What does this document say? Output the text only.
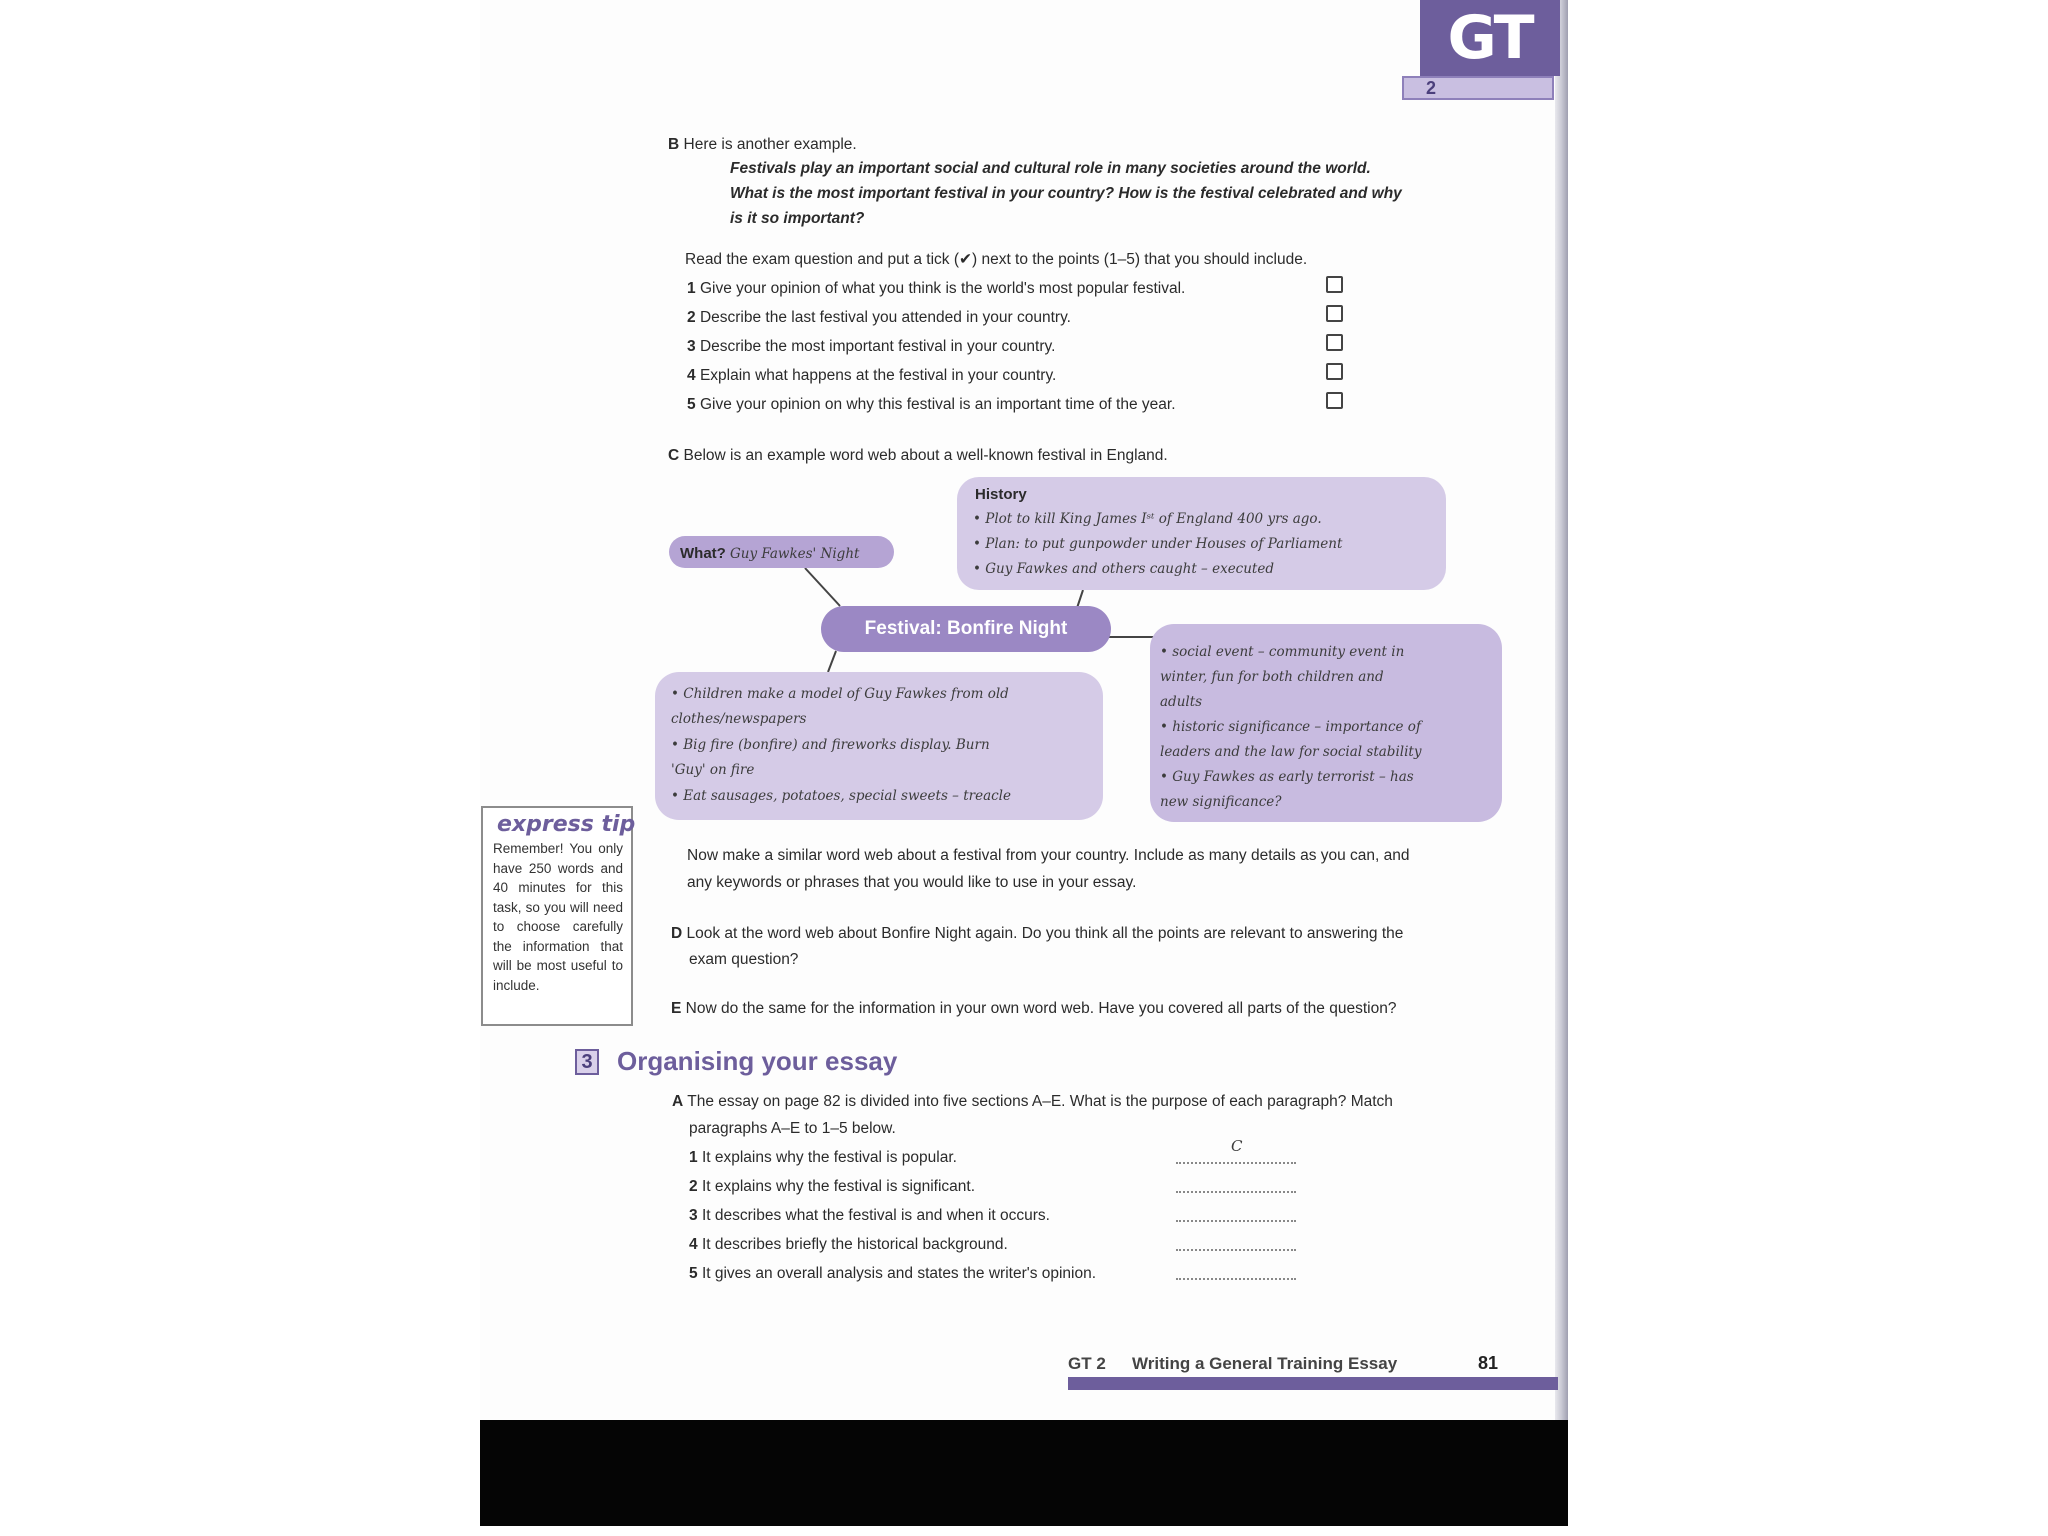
GT
2
B Here is another example.
Festivals play an important social and cultural role in many societies around the world.
What is the most important festival in your country? How is the festival celebrated and why
is it so important?
Read the exam question and put a tick (✔) next to the points (1–5) that you should include.
1 Give your opinion of what you think is the world's most popular festival.
2 Describe the last festival you attended in your country.
3 Describe the most important festival in your country.
4 Explain what happens at the festival in your country.
5 Give your opinion on why this festival is an important time of the year.
C Below is an example word web about a well-known festival in England.
History
• Plot to kill King James Iˢᵗ of England 400 yrs ago.
• Plan: to put gunpowder under Houses of Parliament
• Guy Fawkes and others caught – executed
What? Guy Fawkes' Night
Festival: Bonfire Night
• Children make a model of Guy Fawkes from old
clothes/newspapers
• Big fire (bonfire) and fireworks display. Burn
'Guy' on fire
• Eat sausages, potatoes, special sweets – treacle
• social event – community event in
winter, fun for both children and
adults
• historic significance – importance of
leaders and the law for social stability
• Guy Fawkes as early terrorist – has
new significance?
express tip
Remember! You only have 250 words and 40 minutes for this task, so you will need to choose carefully the information that will be most useful to include.
Now make a similar word web about a festival from your country. Include as many details as you can, and
any keywords or phrases that you would like to use in your essay.
D Look at the word web about Bonfire Night again. Do you think all the points are relevant to answering the
exam question?
E Now do the same for the information in your own word web. Have you covered all parts of the question?
3 Organising your essay
A The essay on page 82 is divided into five sections A–E. What is the purpose of each paragraph? Match
paragraphs A–E to 1–5 below.
1 It explains why the festival is popular.
C
2 It explains why the festival is significant.
3 It describes what the festival is and when it occurs.
4 It describes briefly the historical background.
5 It gives an overall analysis and states the writer's opinion.
GT 2 Writing a General Training Essay	81
